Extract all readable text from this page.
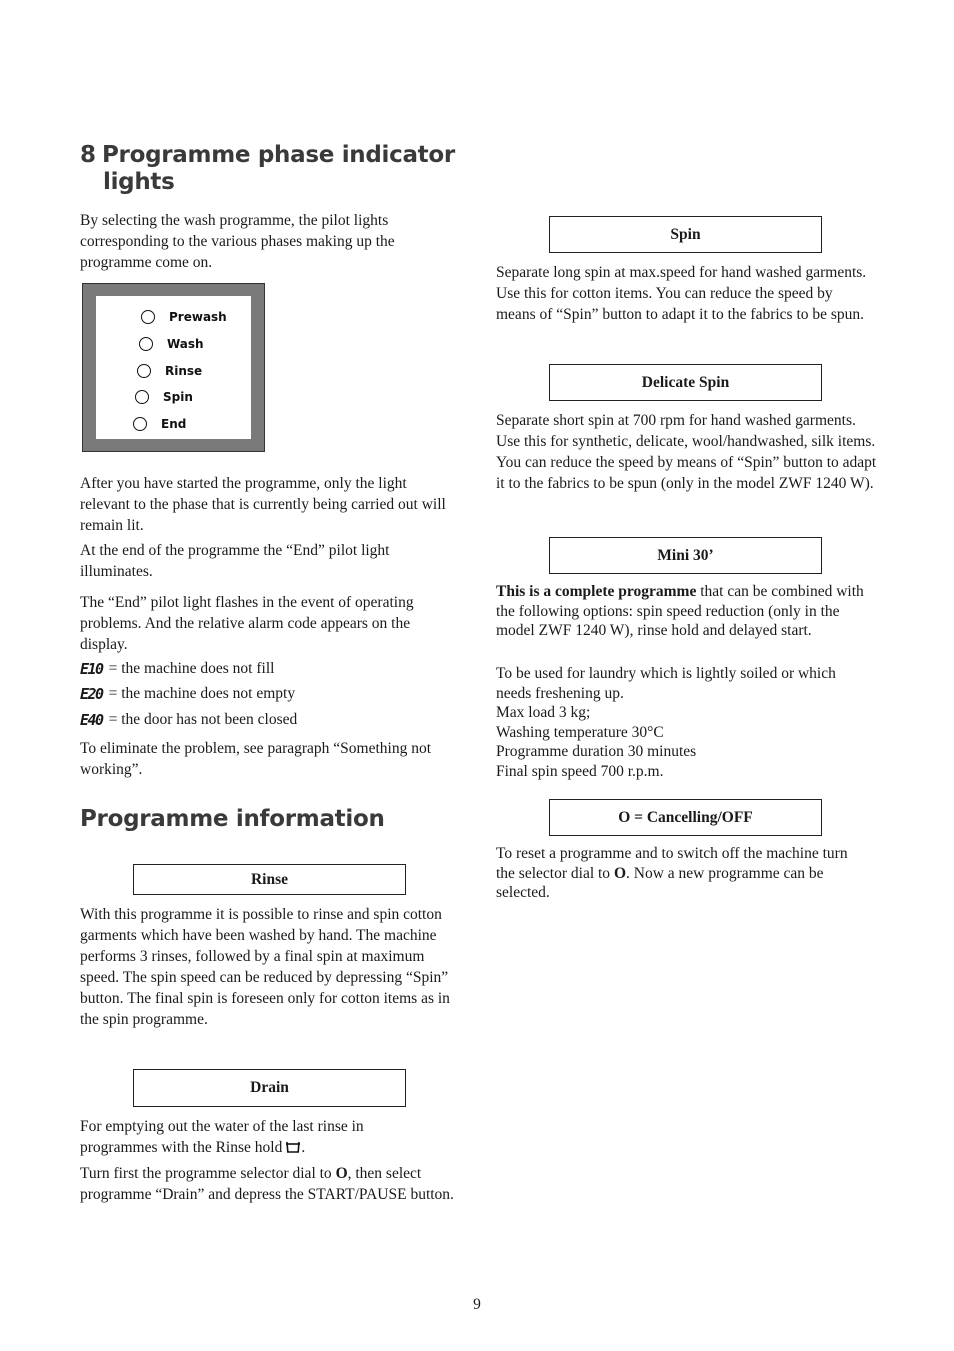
8 Programme phase indicator
lights

By selecting the wash programme, the pilot lights corresponding to the various phases making up the programme come on.

Prewash
Wash
Rinse
Spin
End

After you have started the programme, only the light relevant to the phase that is currently being carried out will remain lit.

At the end of the programme the “End” pilot light illuminates.

The “End” pilot light flashes in the event of operating problems. And the relative alarm code appears on the display.

E10 = the machine does not fill
E20 = the machine does not empty
E40 = the door has not been closed

To eliminate the problem, see paragraph “Something not working”.

Programme information
Rinse

With this programme it is possible to rinse and spin cotton garments which have been washed by hand. The machine performs 3 rinses, followed by a final spin at maximum speed. The spin speed can be reduced by depressing “Spin” button. The final spin is foreseen only for cotton items as in the spin programme.

Drain

For emptying out the water of the last rinse in programmes with the Rinse hold .

Turn first the programme selector dial to O, then select programme “Drain” and depress the START/PAUSE button.

Spin

Separate long spin at max.speed for hand washed garments. Use this for cotton items. You can reduce the speed by means of “Spin” button to adapt it to the fabrics to be spun.

Delicate Spin

Separate short spin at 700 rpm for hand washed garments. Use this for synthetic, delicate, wool/handwashed, silk items. You can reduce the speed by means of “Spin” button to adapt it to the fabrics to be spun (only in the model ZWF 1240 W).

Mini 30’

This is a complete programme that can be combined with the following options: spin speed reduction (only in the model ZWF 1240 W), rinse hold and delayed start.

To be used for laundry which is lightly soiled or which needs freshening up.
Max load 3 kg;
Washing temperature 30°C
Programme duration 30 minutes
Final spin speed 700 r.p.m.
O = Cancelling/OFF

To reset a programme and to switch off the machine turn the selector dial to O. Now a new programme can be selected.

9
